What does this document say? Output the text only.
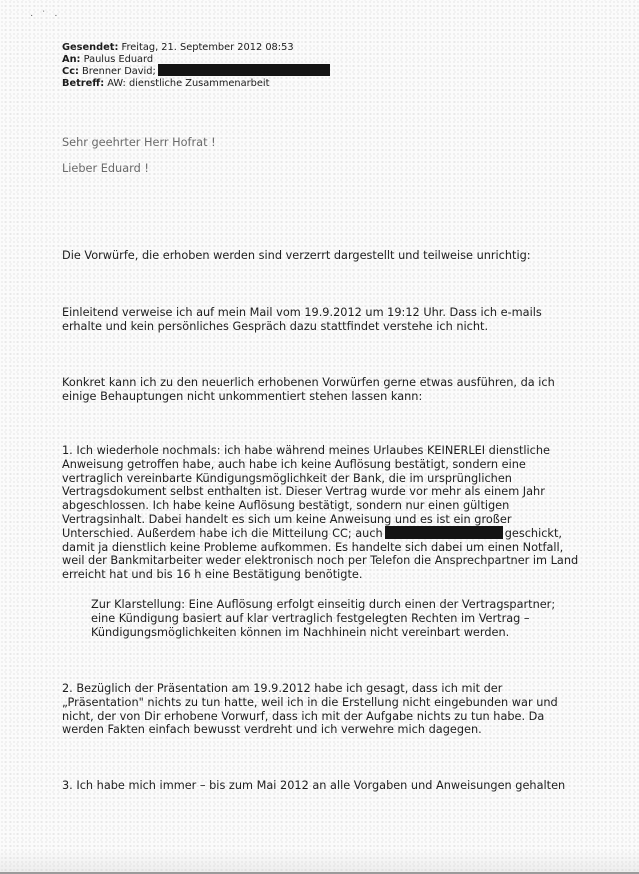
· ˈ ·
Gesendet: Freitag, 21. September 2012 08:53
An: Paulus Eduard
Cc: Brenner David;
Betreff: AW: dienstliche Zusammenarbeit
Sehr geehrter Herr Hofrat !
Lieber Eduard !
Die Vorwürfe, die erhoben werden sind verzerrt dargestellt und teilweise unrichtig:
Einleitend verweise ich auf mein Mail vom 19.9.2012 um 19:12 Uhr. Dass ich e-mails
erhalte und kein persönliches Gespräch dazu stattfindet verstehe ich nicht.
Konkret kann ich zu den neuerlich erhobenen Vorwürfen gerne etwas ausführen, da ich
einige Behauptungen nicht unkommentiert stehen lassen kann:
1. Ich wiederhole nochmals: ich habe während meines Urlaubes KEINERLEI dienstliche
Anweisung getroffen habe, auch habe ich keine Auflösung bestätigt, sondern eine
vertraglich vereinbarte Kündigungsmöglichkeit der Bank, die im ursprünglichen
Vertragsdokument selbst enthalten ist. Dieser Vertrag wurde vor mehr als einem Jahr
abgeschlossen. Ich habe keine Auflösung bestätigt, sondern nur einen gültigen
Vertragsinhalt. Dabei handelt es sich um keine Anweisung und es ist ein großer
Unterschied. Außerdem habe ich die Mitteilung CC; auch	geschickt,
damit ja dienstlich keine Probleme aufkommen. Es handelte sich dabei um einen Notfall,
weil der Bankmitarbeiter weder elektronisch noch per Telefon die Ansprechpartner im Land
erreicht hat und bis 16 h eine Bestätigung benötigte.
Zur Klarstellung: Eine Auflösung erfolgt einseitig durch einen der Vertragspartner;
eine Kündigung basiert auf klar vertraglich festgelegten Rechten im Vertrag –
Kündigungsmöglichkeiten können im Nachhinein nicht vereinbart werden.
2. Bezüglich der Präsentation am 19.9.2012 habe ich gesagt, dass ich mit der
„Präsentation" nichts zu tun hatte, weil ich in die Erstellung nicht eingebunden war und
nicht, der von Dir erhobene Vorwurf, dass ich mit der Aufgabe nichts zu tun habe. Da
werden Fakten einfach bewusst verdreht und ich verwehre mich dagegen.
3. Ich habe mich immer – bis zum Mai 2012 an alle Vorgaben und Anweisungen gehalten
